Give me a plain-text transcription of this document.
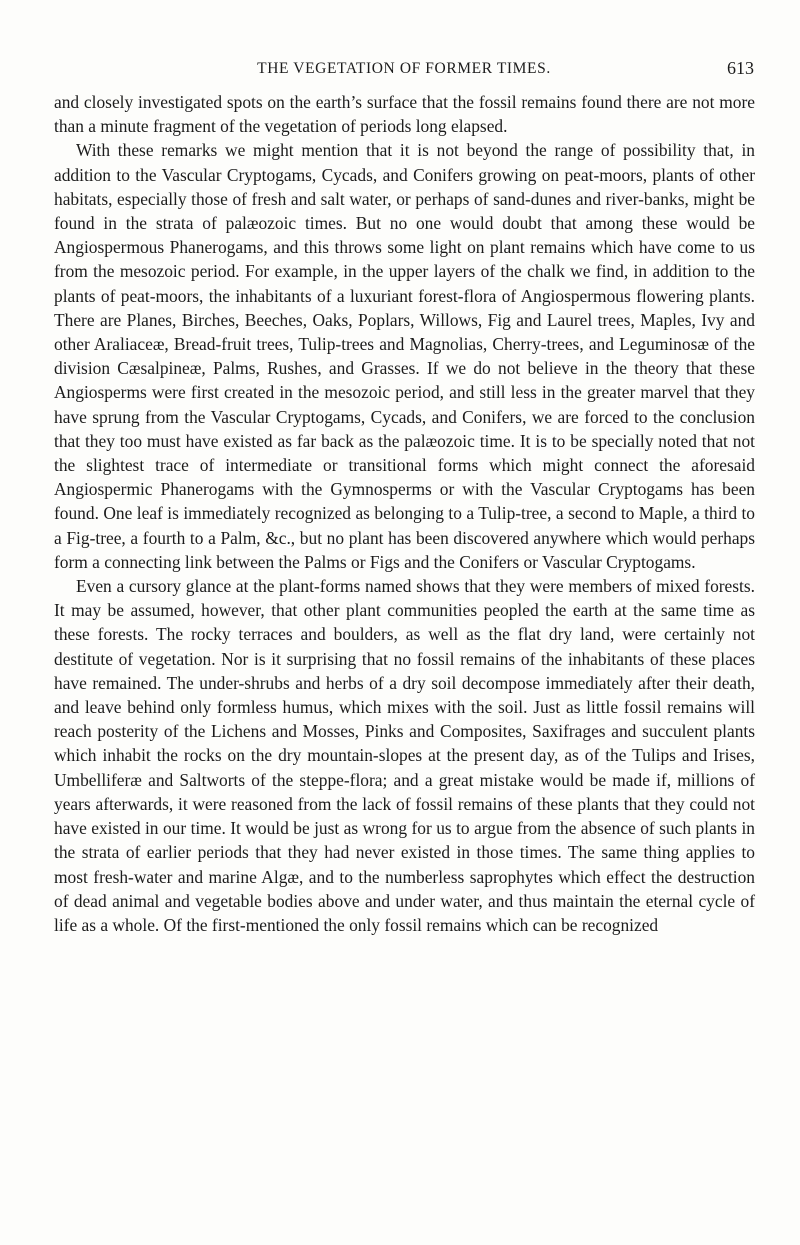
THE VEGETATION OF FORMER TIMES.	613

and closely investigated spots on the earth’s surface that the fossil remains found there are not more than a minute fragment of the vegetation of periods long elapsed.

With these remarks we might mention that it is not beyond the range of possibility that, in addition to the Vascular Cryptogams, Cycads, and Conifers growing on peat-moors, plants of other habitats, especially those of fresh and salt water, or perhaps of sand-dunes and river-banks, might be found in the strata of palæozoic times. But no one would doubt that among these would be Angiospermous Phanerogams, and this throws some light on plant remains which have come to us from the mesozoic period. For example, in the upper layers of the chalk we find, in addition to the plants of peat-moors, the inhabitants of a luxuriant forest-flora of Angiospermous flowering plants. There are Planes, Birches, Beeches, Oaks, Poplars, Willows, Fig and Laurel trees, Maples, Ivy and other Araliaceæ, Bread-fruit trees, Tulip-trees and Magnolias, Cherry-trees, and Leguminosæ of the division Cæsalpineæ, Palms, Rushes, and Grasses. If we do not believe in the theory that these Angiosperms were first created in the mesozoic period, and still less in the greater marvel that they have sprung from the Vascular Cryptogams, Cycads, and Conifers, we are forced to the conclusion that they too must have existed as far back as the palæozoic time. It is to be specially noted that not the slightest trace of intermediate or transitional forms which might connect the aforesaid Angiospermic Phanerogams with the Gymnosperms or with the Vascular Cryptogams has been found. One leaf is immediately recognized as belonging to a Tulip-tree, a second to Maple, a third to a Fig-tree, a fourth to a Palm, &c., but no plant has been discovered anywhere which would perhaps form a connecting link between the Palms or Figs and the Conifers or Vascular Cryptogams.

Even a cursory glance at the plant-forms named shows that they were members of mixed forests. It may be assumed, however, that other plant communities peopled the earth at the same time as these forests. The rocky terraces and boulders, as well as the flat dry land, were certainly not destitute of vegetation. Nor is it surprising that no fossil remains of the inhabitants of these places have remained. The under-shrubs and herbs of a dry soil decompose immediately after their death, and leave behind only formless humus, which mixes with the soil. Just as little fossil remains will reach posterity of the Lichens and Mosses, Pinks and Composites, Saxifrages and succulent plants which inhabit the rocks on the dry mountain-slopes at the present day, as of the Tulips and Irises, Umbelliferæ and Saltworts of the steppe-flora; and a great mistake would be made if, millions of years afterwards, it were reasoned from the lack of fossil remains of these plants that they could not have existed in our time. It would be just as wrong for us to argue from the absence of such plants in the strata of earlier periods that they had never existed in those times. The same thing applies to most fresh-water and marine Algæ, and to the numberless saprophytes which effect the destruction of dead animal and vegetable bodies above and under water, and thus maintain the eternal cycle of life as a whole. Of the first-mentioned the only fossil remains which can be recognized
